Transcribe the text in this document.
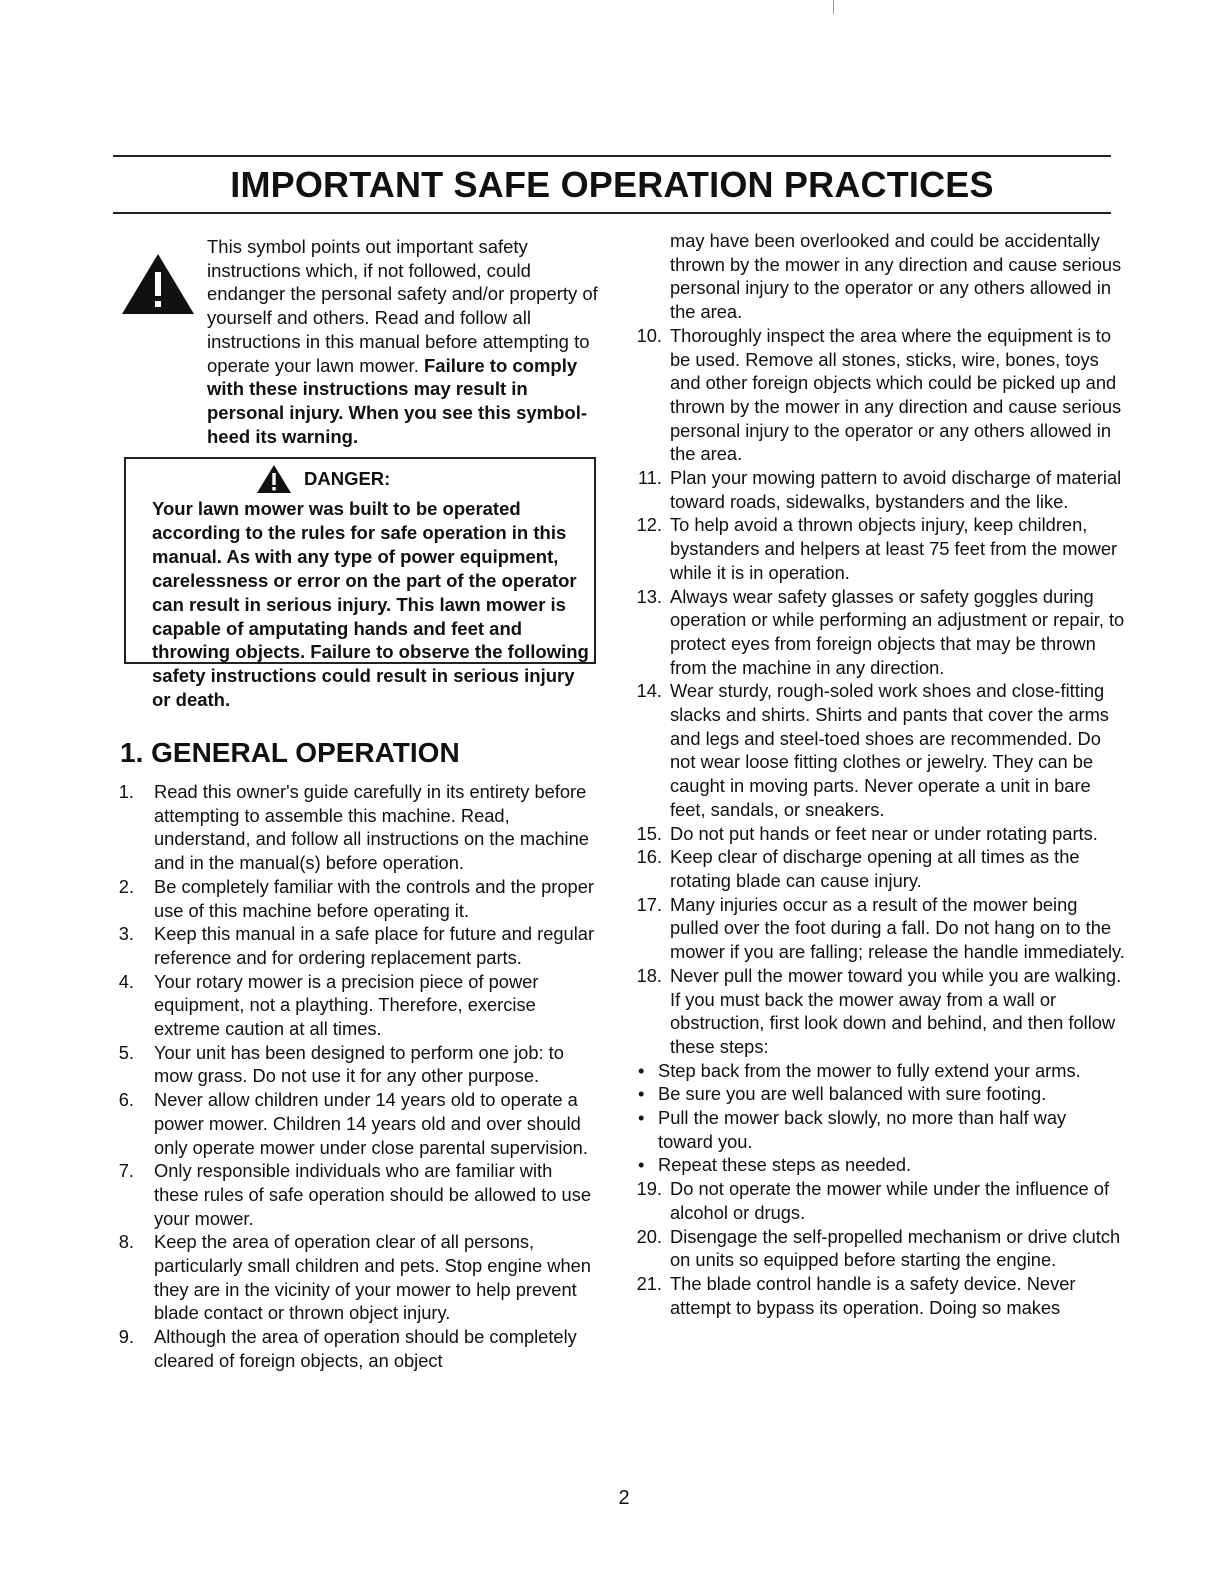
IMPORTANT SAFE OPERATION PRACTICES
This symbol points out important safety instructions which, if not followed, could endanger the personal safety and/or property of yourself and others. Read and follow all instructions in this manual before attempting to operate your lawn mower. Failure to comply with these instructions may result in personal injury. When you see this symbol-heed its warning.
DANGER:
Your lawn mower was built to be operated according to the rules for safe operation in this manual. As with any type of power equipment, carelessness or error on the part of the operator can result in serious injury. This lawn mower is capable of amputating hands and feet and throwing objects. Failure to observe the following safety instructions could result in serious injury or death.
1. GENERAL OPERATION
1. Read this owner's guide carefully in its entirety before attempting to assemble this machine. Read, understand, and follow all instructions on the machine and in the manual(s) before operation.
2. Be completely familiar with the controls and the proper use of this machine before operating it.
3. Keep this manual in a safe place for future and regular reference and for ordering replacement parts.
4. Your rotary mower is a precision piece of power equipment, not a plaything. Therefore, exercise extreme caution at all times.
5. Your unit has been designed to perform one job: to mow grass. Do not use it for any other purpose.
6. Never allow children under 14 years old to operate a power mower. Children 14 years old and over should only operate mower under close parental supervision.
7. Only responsible individuals who are familiar with these rules of safe operation should be allowed to use your mower.
8. Keep the area of operation clear of all persons, particularly small children and pets. Stop engine when they are in the vicinity of your mower to help prevent blade contact or thrown object injury.
9. Although the area of operation should be completely cleared of foreign objects, an object
may have been overlooked and could be accidentally thrown by the mower in any direction and cause serious personal injury to the operator or any others allowed in the area.
10. Thoroughly inspect the area where the equipment is to be used. Remove all stones, sticks, wire, bones, toys and other foreign objects which could be picked up and thrown by the mower in any direction and cause serious personal injury to the operator or any others allowed in the area.
11. Plan your mowing pattern to avoid discharge of material toward roads, sidewalks, bystanders and the like.
12. To help avoid a thrown objects injury, keep children, bystanders and helpers at least 75 feet from the mower while it is in operation.
13. Always wear safety glasses or safety goggles during operation or while performing an adjustment or repair, to protect eyes from foreign objects that may be thrown from the machine in any direction.
14. Wear sturdy, rough-soled work shoes and close-fitting slacks and shirts. Shirts and pants that cover the arms and legs and steel-toed shoes are recommended. Do not wear loose fitting clothes or jewelry. They can be caught in moving parts. Never operate a unit in bare feet, sandals, or sneakers.
15. Do not put hands or feet near or under rotating parts.
16. Keep clear of discharge opening at all times as the rotating blade can cause injury.
17. Many injuries occur as a result of the mower being pulled over the foot during a fall. Do not hang on to the mower if you are falling; release the handle immediately.
18. Never pull the mower toward you while you are walking. If you must back the mower away from a wall or obstruction, first look down and behind, and then follow these steps:
• Step back from the mower to fully extend your arms.
• Be sure you are well balanced with sure footing.
• Pull the mower back slowly, no more than half way toward you.
• Repeat these steps as needed.
19. Do not operate the mower while under the influence of alcohol or drugs.
20. Disengage the self-propelled mechanism or drive clutch on units so equipped before starting the engine.
21. The blade control handle is a safety device. Never attempt to bypass its operation. Doing so makes
2
